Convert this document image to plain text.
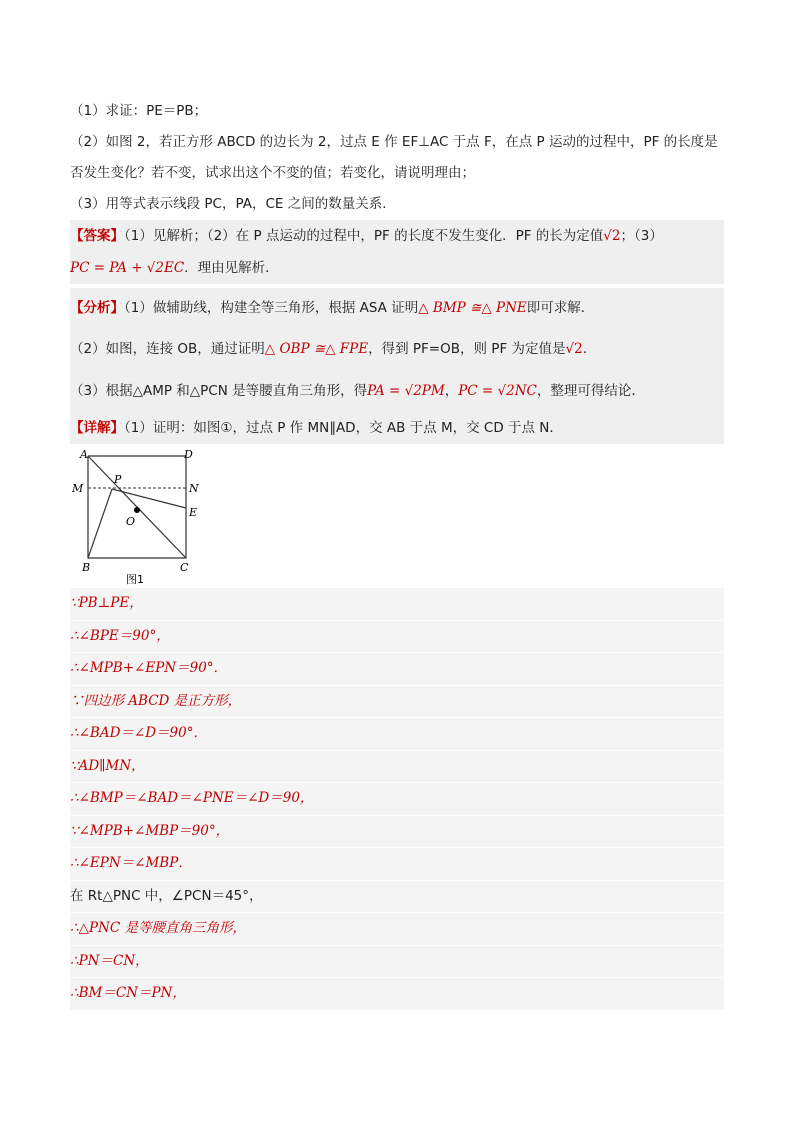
（1）求证：PE＝PB；
（2）如图 2，若正方形 ABCD 的边长为 2，过点 E 作 EF⊥AC 于点 F，在点 P 运动的过程中，PF 的长度是
否发生变化？若不变，试求出这个不变的值；若变化，请说明理由；
（3）用等式表示线段 PC，PA，CE 之间的数量关系．
【答案】（1）见解析；（2）在 P 点运动的过程中，PF 的长度不发生变化．PF 的长为定值√2；（3）
PC = PA + √2EC．理由见解析．
【分析】（1）做辅助线，构建全等三角形，根据 ASA 证明△ BMP ≅△ PNE即可求解．
（2）如图，连接 OB，通过证明△ OBP ≅△ FPE，得到 PF=OB，则 PF 为定值是√2.
（3）根据△AMP 和△PCN 是等腰直角三角形，得PA = √2PM，PC = √2NC，整理可得结论．
【详解】（1）证明：如图①，过点 P 作 MN∥AD，交 AB 于点 M，交 CD 于点 N．
A	D
M	N
P
O
E
B	C
图1
∵PB⊥PE，
∴∠BPE＝90°，
∴∠MPB+∠EPN＝90°．
∵四边形 ABCD 是正方形，
∴∠BAD＝∠D＝90°．
∵AD∥MN，
∴∠BMP＝∠BAD＝∠PNE＝∠D＝90，
∵∠MPB+∠MBP＝90°，
∴∠EPN＝∠MBP．
在 Rt△PNC 中，∠PCN＝45°，
∴△PNC 是等腰直角三角形，
∴PN＝CN，
∴BM＝CN＝PN，
